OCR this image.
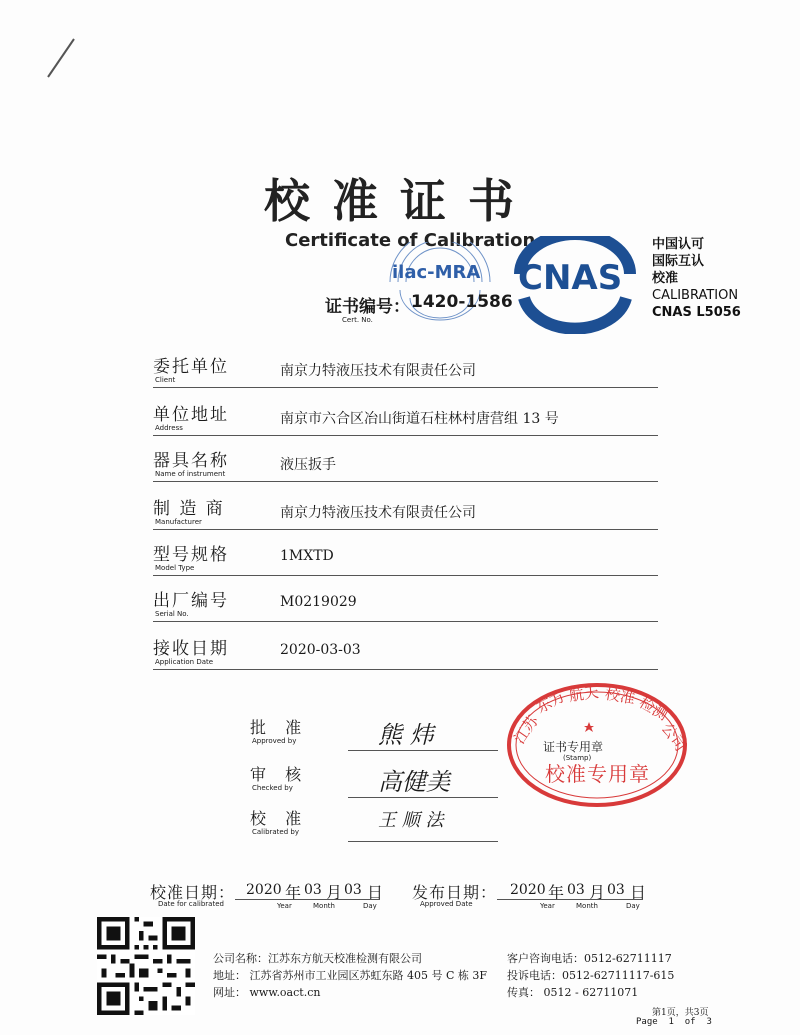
校准证书
Certificate of Calibration
ilac-MRA CNAS
中国认可
国际互认
校准
CALIBRATION
CNAS L5056
证书编号： 1420-1586
Cert. No.
委托单位
Client
南京力特液压技术有限责任公司
单位地址
Address
南京市六合区冶山街道石柱林村唐营组 13 号
器具名称
Name of instrument
液压扳手
制 造 商
Manufacturer
南京力特液压技术有限责任公司
型号规格
Model Type
1MXTD
出厂编号
Serial No.
M0219029
接收日期
Application Date
2020-03-03
批 准
Approved by	熊 炜
审 核
Checked by	高健美
校 准
Calibrated by
王 顺 法
江苏
东方 航天 校准 检测
公司
证书专用章
(Stamp)
校准专用章
校准日期：
Date for calibrated
2020 年 03 月 03 日
Year	Month	Day
发布日期：
Approved Date
2020 年 03 月 03 日
Year	Month	Day
公司名称：江苏东方航天校准检测有限公司
地址： 江苏省苏州市工业园区苏虹东路 405 号 C 栋 3F
网址： www.oact.cn
客户咨询电话：0512-62711117
投诉电话：0512-62711117-615
传真： 0512 - 62711071
第1页，共3页
Page  1  of  3
